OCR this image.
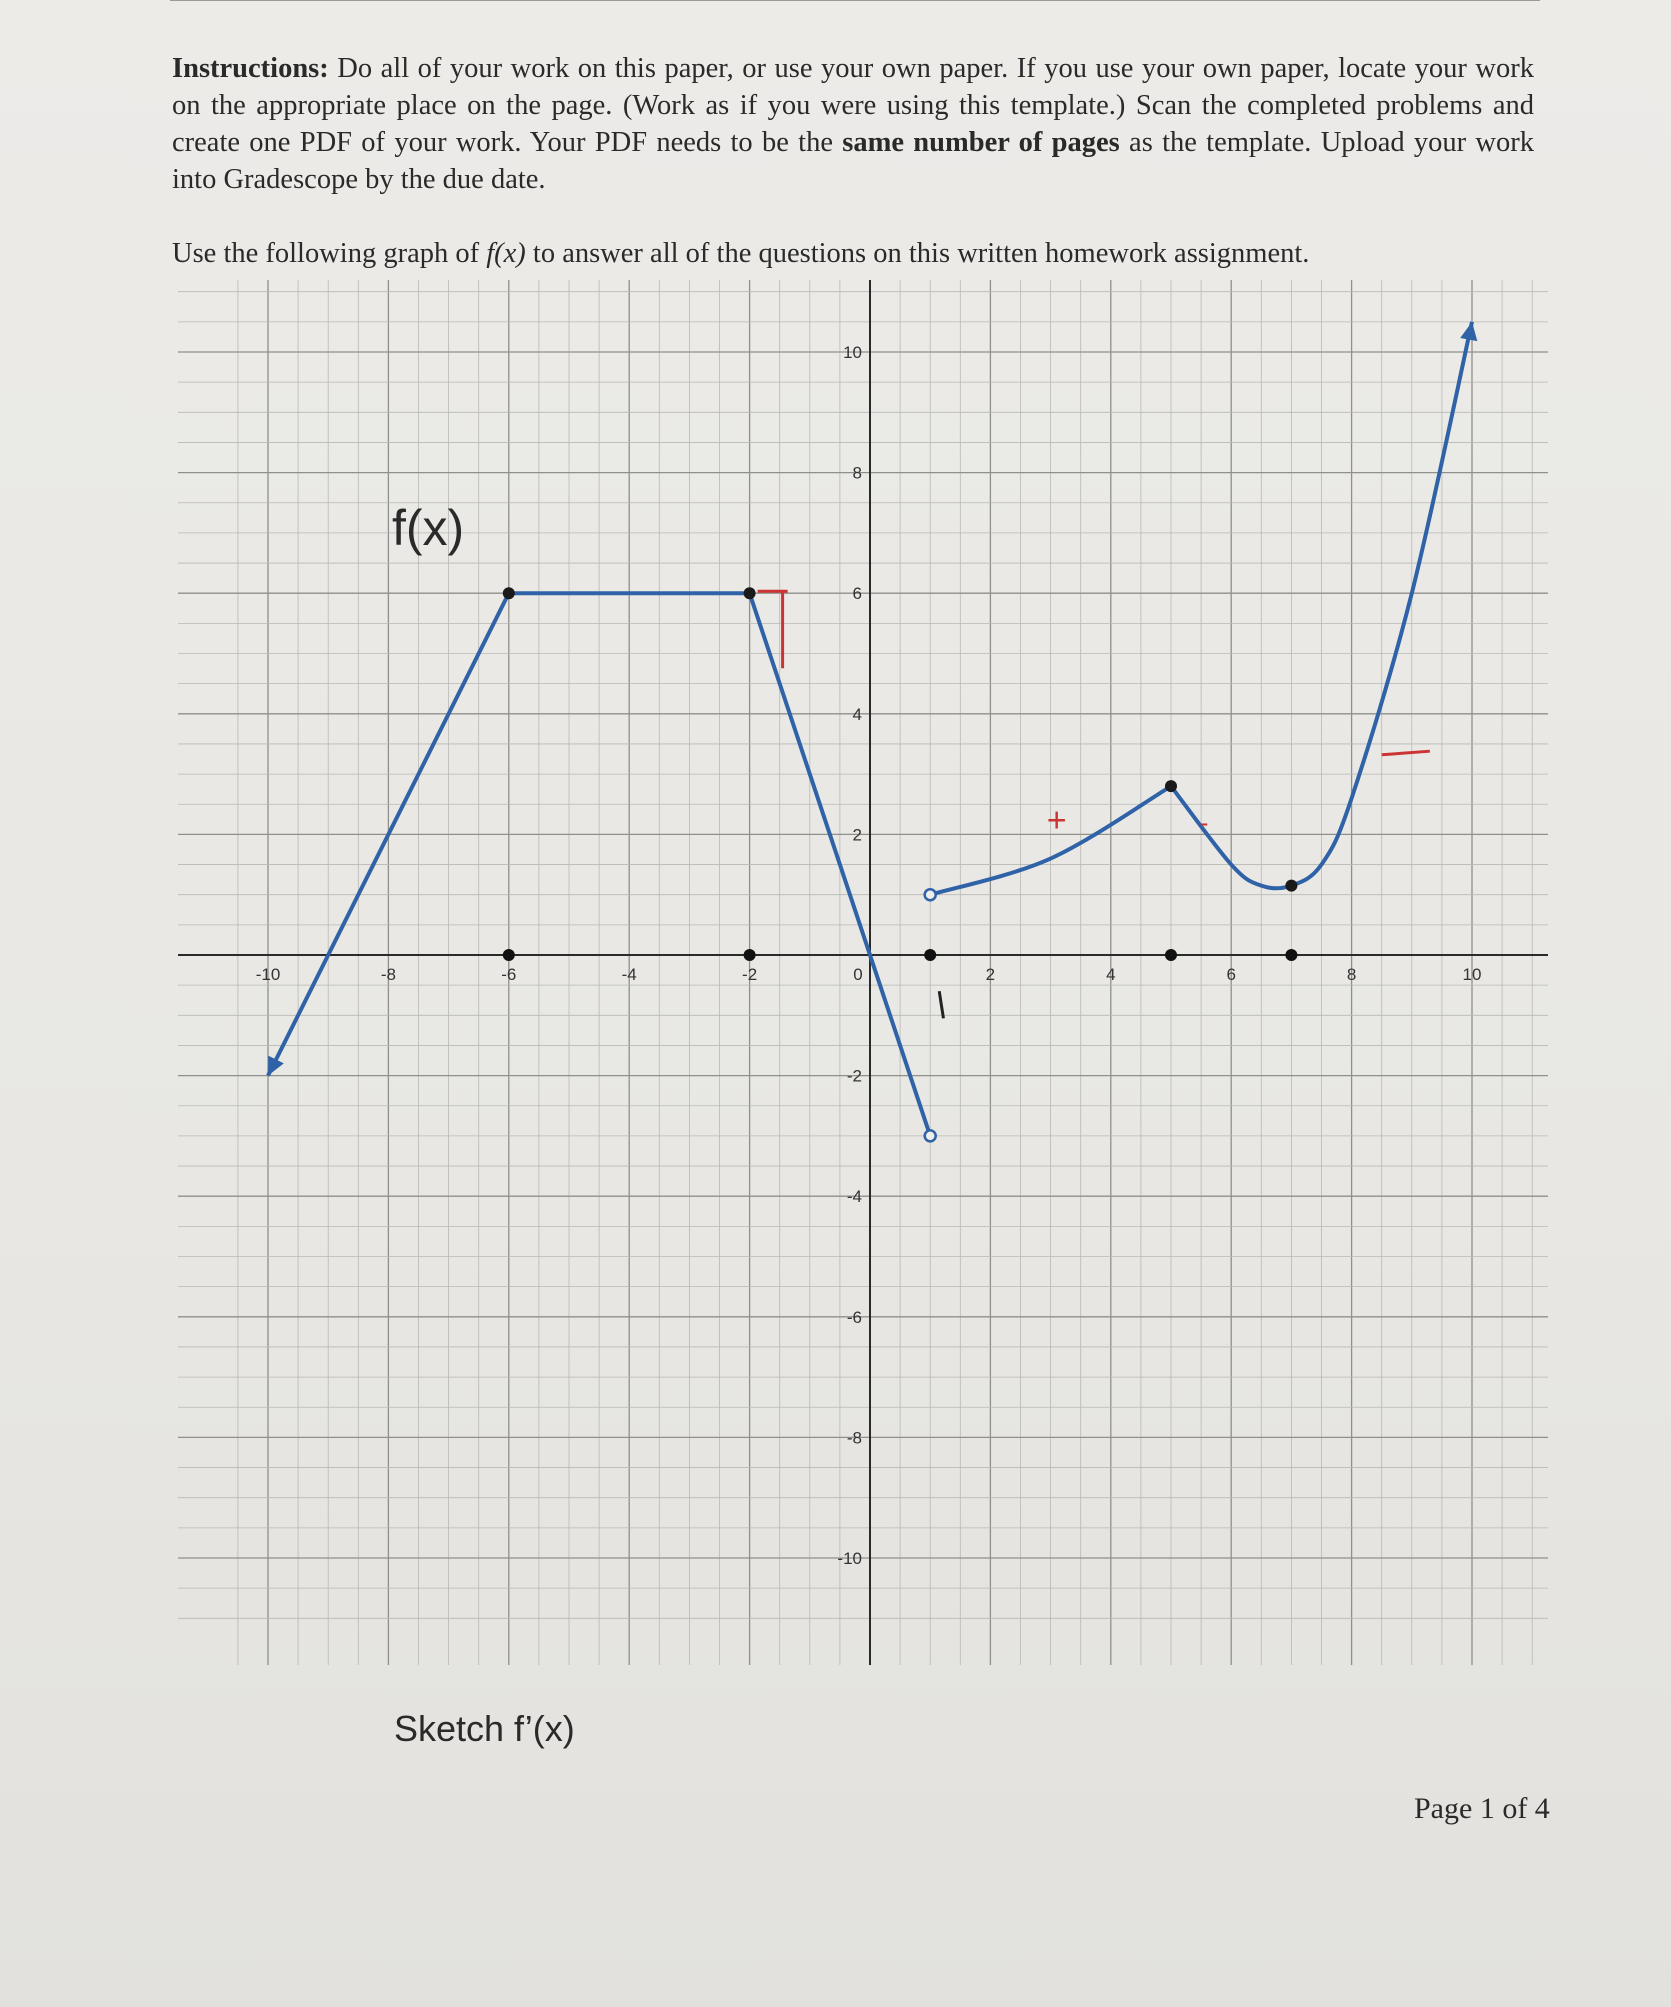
Instructions: Do all of your work on this paper, or use your own paper. If you use your own paper, locate your work on the appropriate place on the page. (Work as if you were using this template.) Scan the completed problems and create one PDF of your work. Your PDF needs to be the same number of pages as the template. Upload your work into Gradescope by the due date.
Use the following graph of f(x) to answer all of the questions on this written homework assignment.
-10	-8	-6	-4	-2	0	2	4	6	8	10
10
8
6
4
2
-2
-4
-6
-8
-10
+	-
f(x)
Sketch f’(x)
Page 1 of 4
